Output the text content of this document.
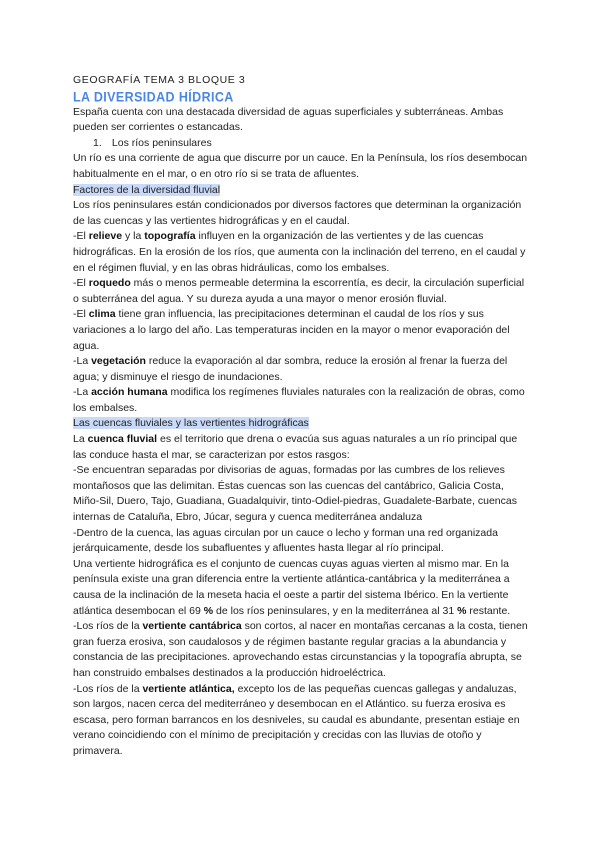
GEOGRAFÍA TEMA 3 BLOQUE 3

LA DIVERSIDAD HÍDRICA

España cuenta con una destacada diversidad de aguas superficiales y subterráneas. Ambas pueden ser corrientes o estancadas.

1. Los ríos peninsulares

Un río es una corriente de agua que discurre por un cauce. En la Península, los ríos desembocan habitualmente en el mar, o en otro río si se trata de afluentes.

Factores de la diversidad fluvial

Los ríos peninsulares están condicionados por diversos factores que determinan la organización de las cuencas y las vertientes hidrográficas y en el caudal.

-El relieve y la topografía influyen en la organización de las vertientes y de las cuencas hidrográficas. En la erosión de los ríos, que aumenta con la inclinación del terreno, en el caudal y en el régimen fluvial, y en las obras hidráulicas, como los embalses.

-El roquedo más o menos permeable determina la escorrentía, es decir, la circulación superficial o subterránea del agua. Y su dureza ayuda a una mayor o menor erosión fluvial.

-El clima tiene gran influencia, las precipitaciones determinan el caudal de los ríos y sus variaciones a lo largo del año. Las temperaturas inciden en la mayor o menor evaporación del agua.

-La vegetación reduce la evaporación al dar sombra, reduce la erosión al frenar la fuerza del agua; y disminuye el riesgo de inundaciones.

-La acción humana modifica los regímenes fluviales naturales con la realización de obras, como los embalses.

Las cuencas fluviales y las vertientes hidrográficas

La cuenca fluvial es el territorio que drena o evacúa sus aguas naturales a un río principal que las conduce hasta el mar, se caracterizan por estos rasgos:

-Se encuentran separadas por divisorias de aguas, formadas por las cumbres de los relieves montañosos que las delimitan. Éstas cuencas son las cuencas del cantábrico, Galicia Costa, Miño-Sil, Duero, Tajo, Guadiana, Guadalquivir, tinto-Odiel-piedras, Guadalete-Barbate, cuencas internas de Cataluña, Ebro, Júcar, segura y cuenca mediterránea andaluza

-Dentro de la cuenca, las aguas circulan por un cauce o lecho y forman una red organizada jerárquicamente, desde los subafluentes y afluentes hasta llegar al río principal.

Una vertiente hidrográfica es el conjunto de cuencas cuyas aguas vierten al mismo mar. En la península existe una gran diferencia entre la vertiente atlántica-cantábrica y la mediterránea a causa de la inclinación de la meseta hacia el oeste a partir del sistema Ibérico. En la vertiente atlántica desembocan el 69 % de los ríos peninsulares, y en la mediterránea al 31 % restante.

-Los ríos de la vertiente cantábrica son cortos, al nacer en montañas cercanas a la costa, tienen gran fuerza erosiva, son caudalosos y de régimen bastante regular gracias a la abundancia y constancia de las precipitaciones. aprovechando estas circunstancias y la topografía abrupta, se han construido embalses destinados a la producción hidroeléctrica.

-Los ríos de la vertiente atlántica, excepto los de las pequeñas cuencas gallegas y andaluzas, son largos, nacen cerca del mediterráneo y desembocan en el Atlántico. su fuerza erosiva es escasa, pero forman barrancos en los desniveles, su caudal es abundante, presentan estiaje en verano coincidiendo con el mínimo de precipitación y crecidas con las lluvias de otoño y primavera.
